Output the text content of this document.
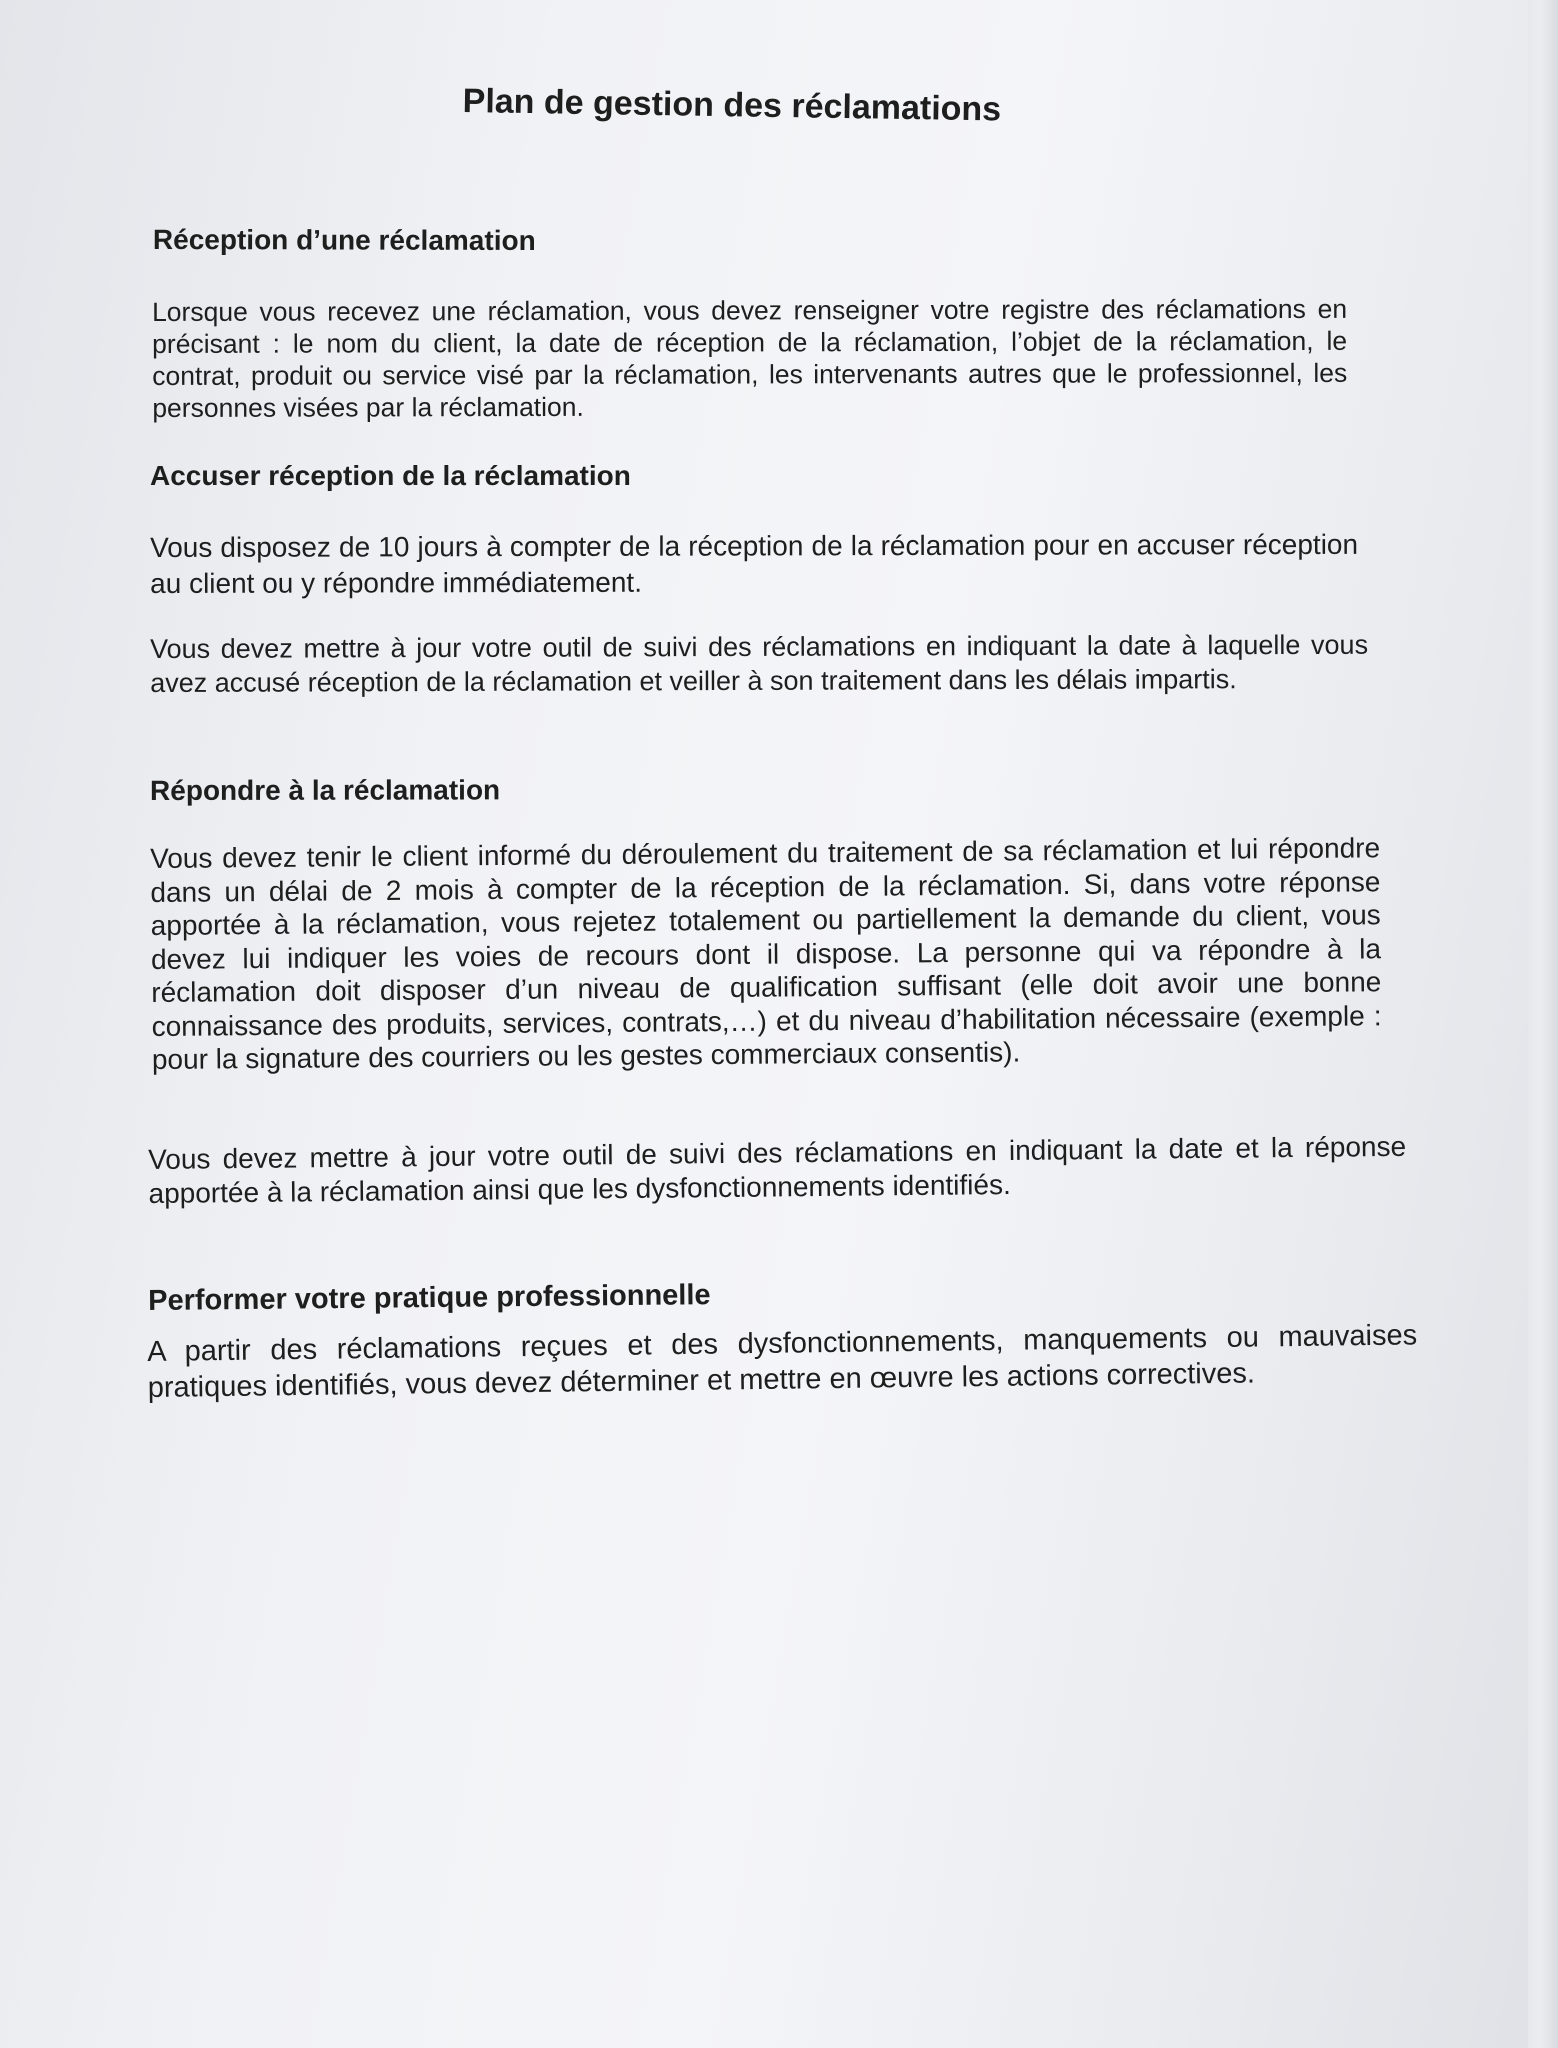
Plan de gestion des réclamations
Réception d’une réclamation

Lorsque vous recevez une réclamation, vous devez renseigner votre registre des réclamations en précisant : le nom du client, la date de réception de la réclamation, l’objet de la réclamation, le contrat, produit ou service visé par la réclamation, les intervenants autres que le professionnel, les personnes visées par la réclamation.

Accuser réception de la réclamation

Vous disposez de 10 jours à compter de la réception de la réclamation pour en accuser réception au client ou y répondre immédiatement.

Vous devez mettre à jour votre outil de suivi des réclamations en indiquant la date à laquelle vous avez accusé réception de la réclamation et veiller à son traitement dans les délais impartis.

Répondre à la réclamation

Vous devez tenir le client informé du déroulement du traitement de sa réclamation et lui répondre dans un délai de 2 mois à compter de la réception de la réclamation. Si, dans votre réponse apportée à la réclamation, vous rejetez totalement ou partiellement la demande du client, vous devez lui indiquer les voies de recours dont il dispose. La personne qui va répondre à la réclamation doit disposer d’un niveau de qualification suffisant (elle doit avoir une bonne connaissance des produits, services, contrats,…) et du niveau d’habilitation nécessaire (exemple : pour la signature des courriers ou les gestes commerciaux consentis).

Vous devez mettre à jour votre outil de suivi des réclamations en indiquant la date et la réponse apportée à la réclamation ainsi que les dysfonctionnements identifiés.

Performer votre pratique professionnelle

A partir des réclamations reçues et des dysfonctionnements, manquements ou mauvaises pratiques identifiés, vous devez déterminer et mettre en œuvre les actions correctives.
